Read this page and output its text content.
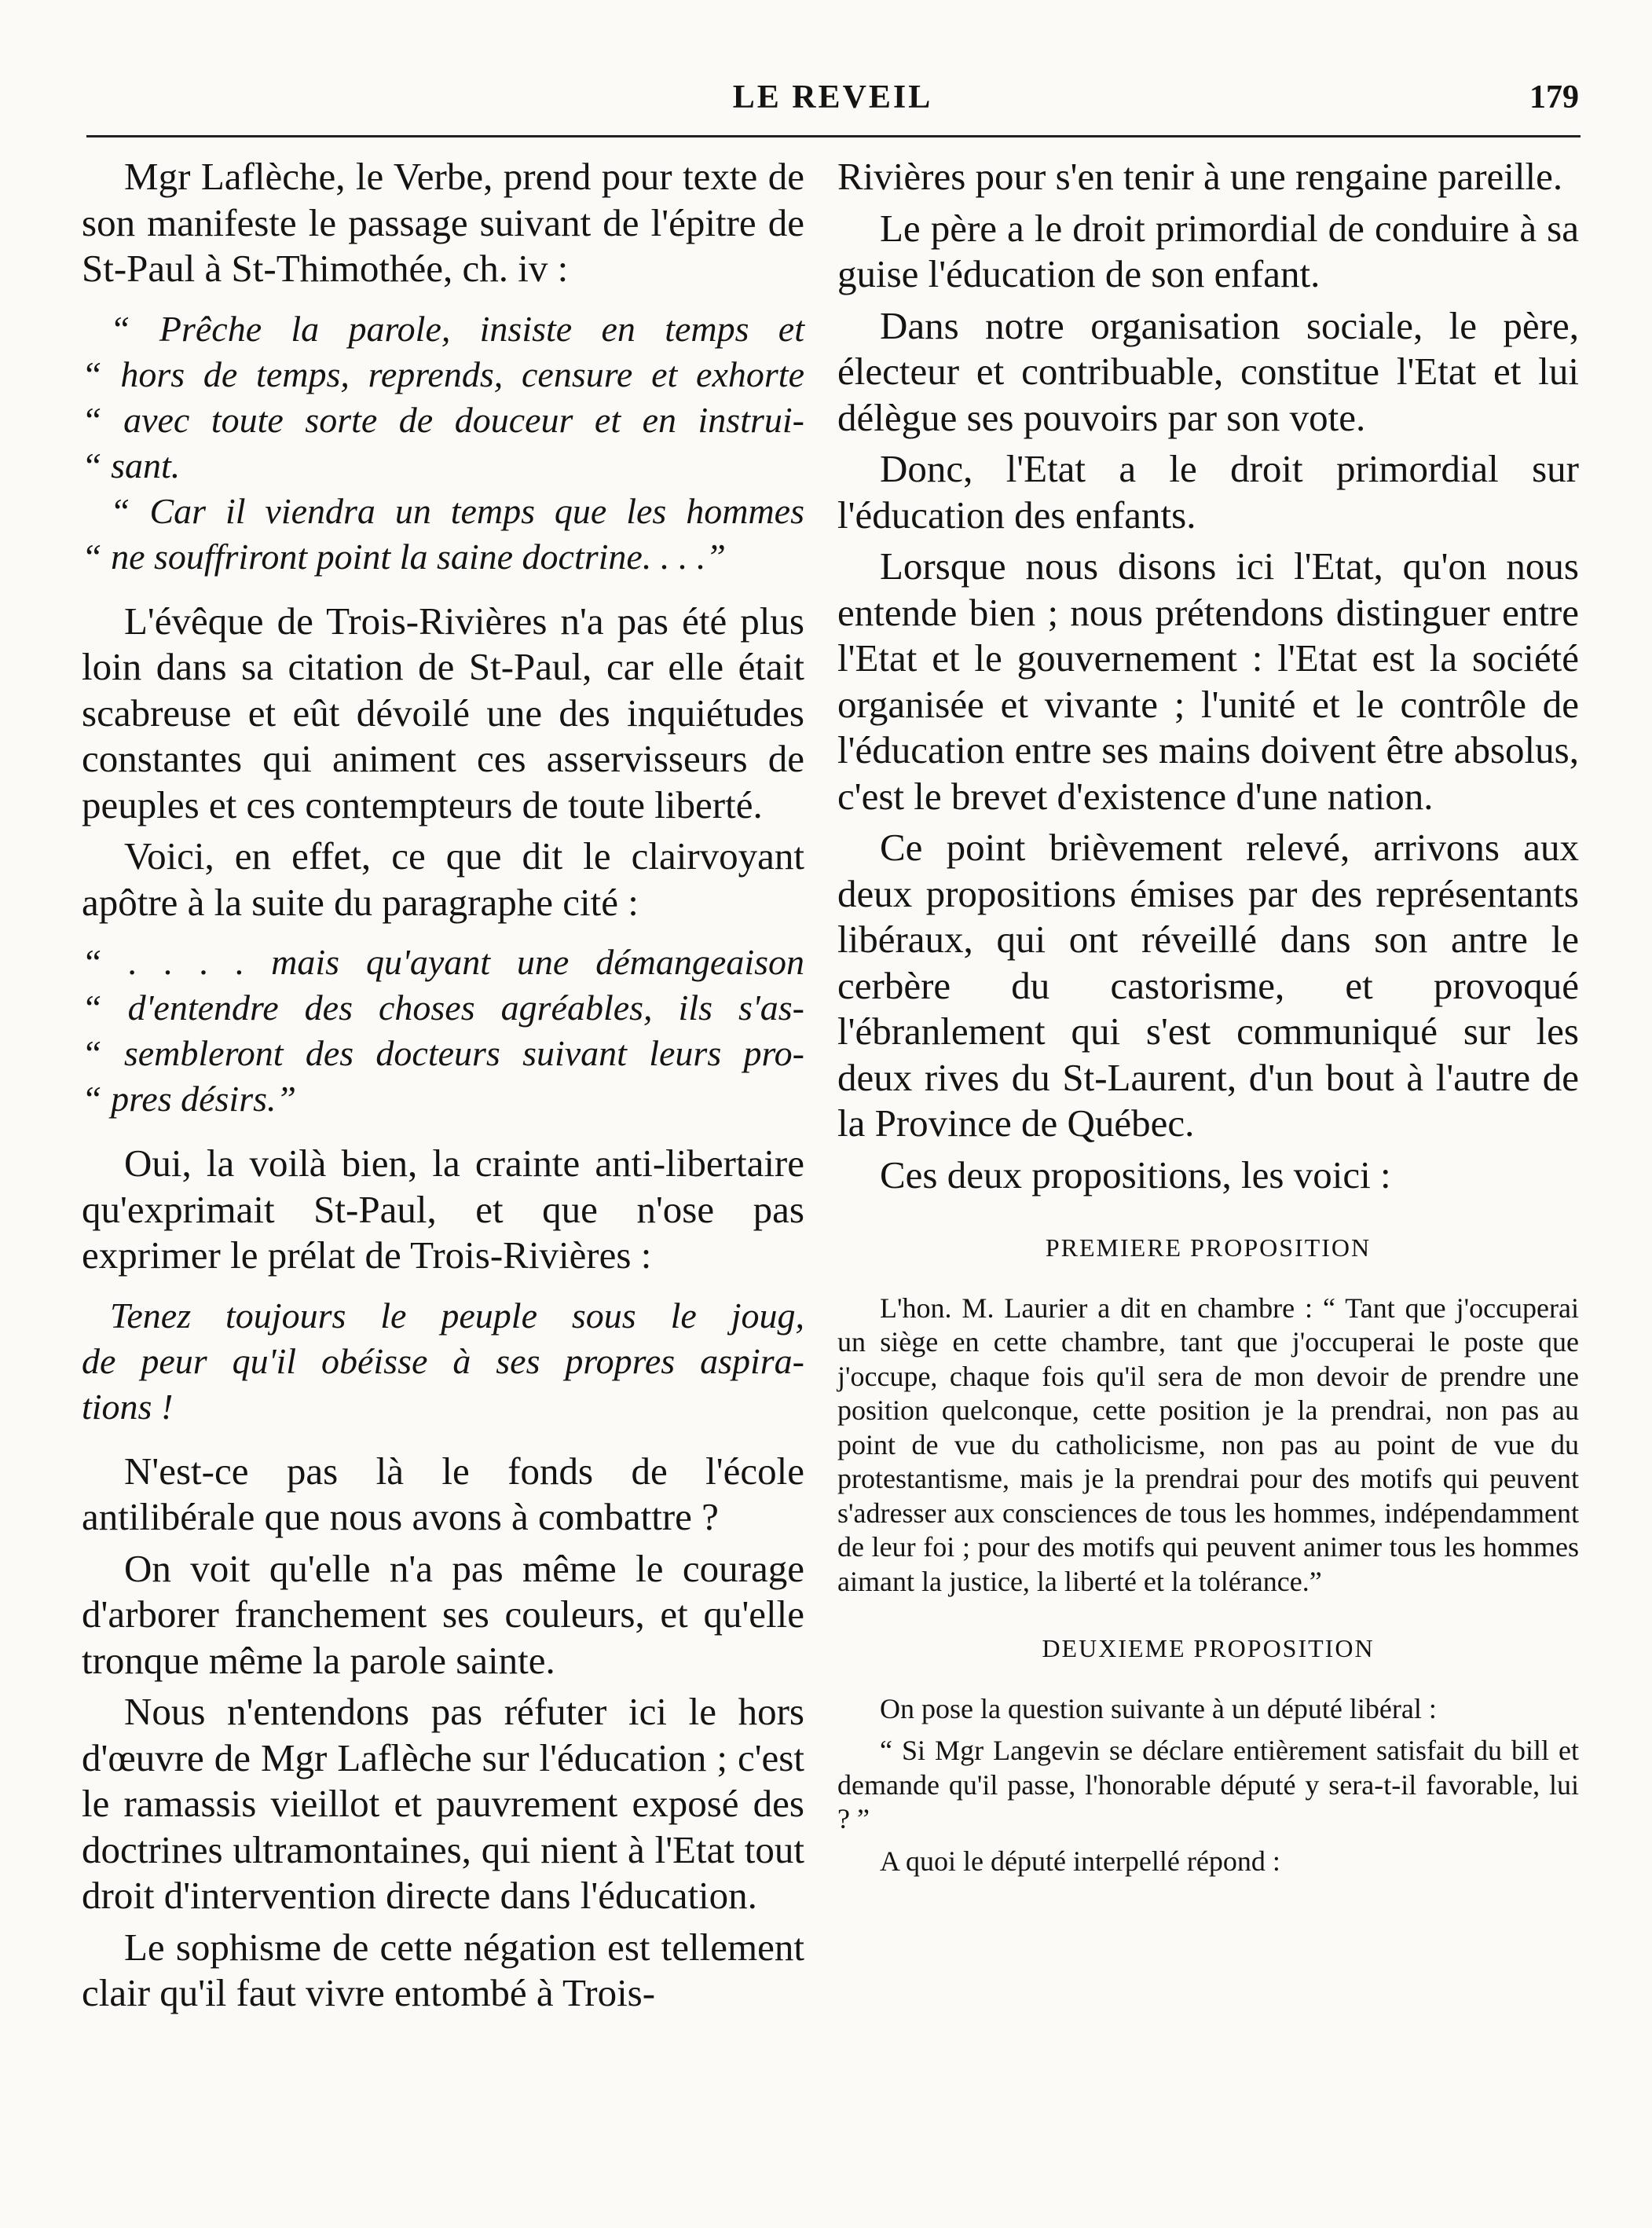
LE REVEIL	179

Mgr Laflèche, le Verbe, prend pour texte de son manifeste le passage suivant de l'épitre de St-Paul à St-Thimothée, ch. iv :

“ Prêche la parole, insiste en temps et
“ hors de temps, reprends, censure et exhorte
“ avec toute sorte de douceur et en instrui-
“ sant.
“ Car il viendra un temps que les hommes
“ ne souffriront point la saine doctrine. . . .”

L'évêque de Trois-Rivières n'a pas été plus loin dans sa citation de St-Paul, car elle était scabreuse et eût dévoilé une des inquiétudes constantes qui animent ces asservisseurs de peuples et ces contempteurs de toute liberté.

Voici, en effet, ce que dit le clairvoyant apôtre à la suite du paragraphe cité :

“ . . . . mais qu'ayant une démangeaison
“ d'entendre des choses agréables, ils s'as-
“ sembleront des docteurs suivant leurs pro-
“ pres désirs.”

Oui, la voilà bien, la crainte anti-libertaire qu'exprimait St-Paul, et que n'ose pas exprimer le prélat de Trois-Rivières :

Tenez toujours le peuple sous le joug,
de peur qu'il obéisse à ses propres aspira-
tions !

N'est-ce pas là le fonds de l'école antilibérale que nous avons à combattre ?

On voit qu'elle n'a pas même le courage d'arborer franchement ses couleurs, et qu'elle tronque même la parole sainte.

Nous n'entendons pas réfuter ici le hors d'œuvre de Mgr Laflèche sur l'éducation ; c'est le ramassis vieillot et pauvrement exposé des doctrines ultramontaines, qui nient à l'Etat tout droit d'intervention directe dans l'éducation.

Le sophisme de cette négation est tellement clair qu'il faut vivre entombé à Trois-

Rivières pour s'en tenir à une rengaine pareille.

Le père a le droit primordial de conduire à sa guise l'éducation de son enfant.

Dans notre organisation sociale, le père, électeur et contribuable, constitue l'Etat et lui délègue ses pouvoirs par son vote.

Donc, l'Etat a le droit primordial sur l'éducation des enfants.

Lorsque nous disons ici l'Etat, qu'on nous entende bien ; nous prétendons distinguer entre l'Etat et le gouvernement : l'Etat est la société organisée et vivante ; l'unité et le contrôle de l'éducation entre ses mains doivent être absolus, c'est le brevet d'existence d'une nation.

Ce point brièvement relevé, arrivons aux deux propositions émises par des représentants libéraux, qui ont réveillé dans son antre le cerbère du castorisme, et provoqué l'ébranlement qui s'est communiqué sur les deux rives du St-Laurent, d'un bout à l'autre de la Province de Québec.

Ces deux propositions, les voici :

PREMIERE PROPOSITION

L'hon. M. Laurier a dit en chambre : “ Tant que j'occuperai un siège en cette chambre, tant que j'occuperai le poste que j'occupe, chaque fois qu'il sera de mon devoir de prendre une position quelconque, cette position je la prendrai, non pas au point de vue du catholicisme, non pas au point de vue du protestantisme, mais je la prendrai pour des motifs qui peuvent s'adresser aux consciences de tous les hommes, indépendamment de leur foi ; pour des motifs qui peuvent animer tous les hommes aimant la justice, la liberté et la tolérance.”

DEUXIEME PROPOSITION

On pose la question suivante à un député libéral :

“ Si Mgr Langevin se déclare entièrement satisfait du bill et demande qu'il passe, l'honorable député y sera-t-il favorable, lui ? ”

A quoi le député interpellé répond :
